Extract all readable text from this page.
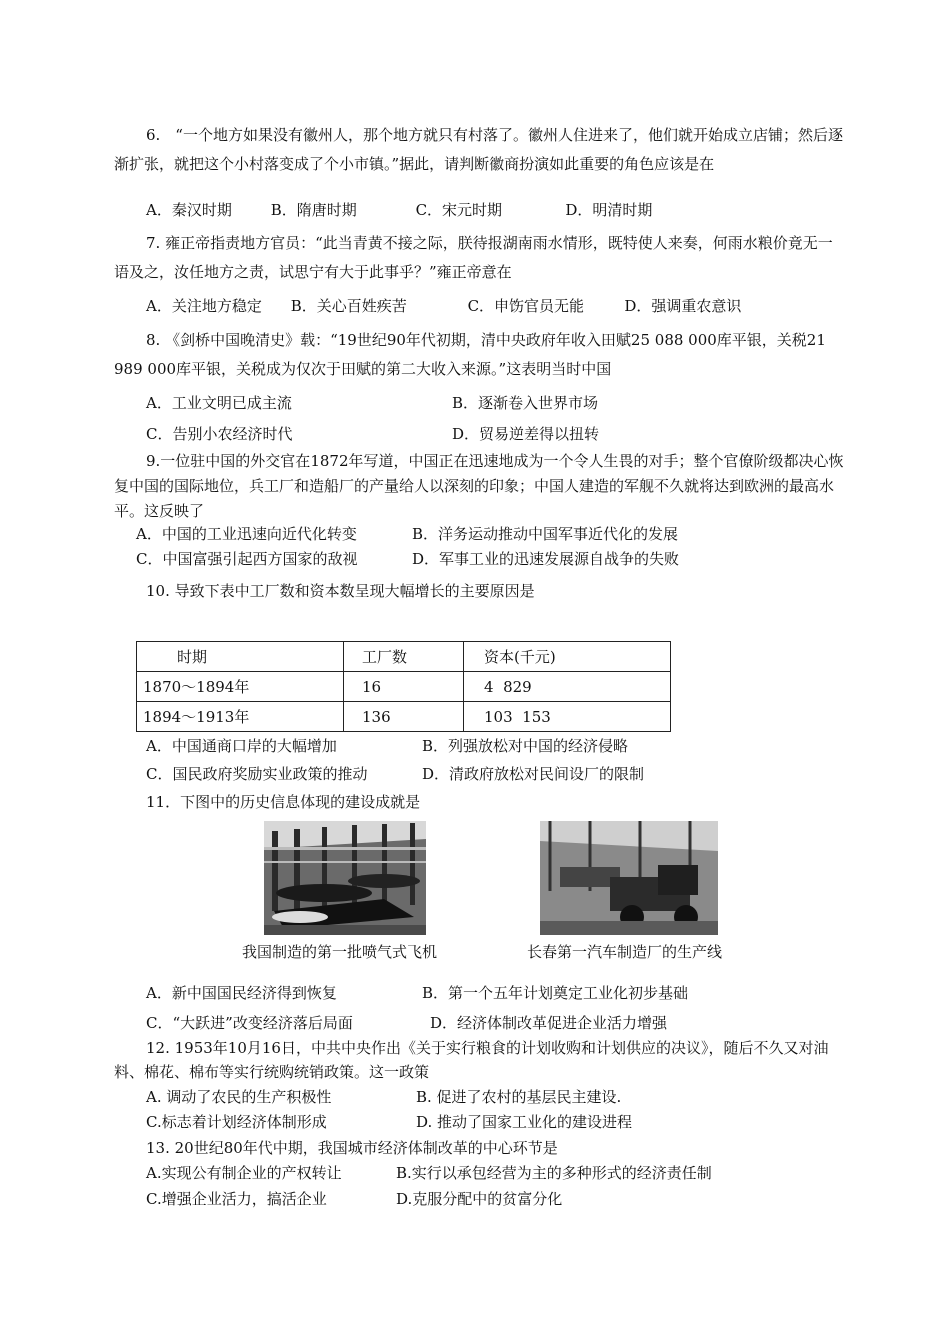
6.　“一个地方如果没有徽州人，那个地方就只有村落了。徽州人住进来了，他们就开始成立店铺；然后逐渐扩张，就把这个小村落变成了个小市镇。”据此，请判断徽商扮演如此重要的角色应该是在

A．秦汉时期	B．隋唐时期	C．宋元时期	D．明清时期

7. 雍正帝指责地方官员：“此当青黄不接之际，朕待报湖南雨水情形，既特使人来奏，何雨水粮价竟无一语及之，汝任地方之责，试思宁有大于此事乎？”雍正帝意在

A．关注地方稳定 B．关心百姓疾苦	C．申饬官员无能	D．强调重农意识

8. 《剑桥中国晚清史》载：“19世纪90年代初期，清中央政府年收入田赋25 088 000库平银，关税21 989 000库平银，关税成为仅次于田赋的第二大收入来源。”这表明当时中国

A．工业文明已成主流	B．逐渐卷入世界市场
C．告别小农经济时代	D．贸易逆差得以扭转

9.一位驻中国的外交官在1872年写道，中国正在迅速地成为一个令人生畏的对手；整个官僚阶级都决心恢复中国的国际地位，兵工厂和造船厂的产量给人以深刻的印象；中国人建造的军舰不久就将达到欧洲的最高水平。这反映了

A．中国的工业迅速向近代化转变	B．洋务运动推动中国军事近代化的发展
C．中国富强引起西方国家的敌视	D．军事工业的迅速发展源自战争的失败
10. 导致下表中工厂数和资本数呈现大幅增长的主要原因是
时期	工厂数	资本(千元)
1870～1894年	16	4  829
1894～1913年	136	103  153
A．中国通商口岸的大幅增加	B．列强放松对中国的经济侵略
C．国民政府奖励实业政策的推动	D．清政府放松对民间设厂的限制
11．下图中的历史信息体现的建设成就是
我国制造的第一批喷气式飞机	长春第一汽车制造厂的生产线
A．新中国国民经济得到恢复	B．第一个五年计划奠定工业化初步基础
C．“大跃进”改变经济落后局面	D．经济体制改革促进企业活力增强

12. 1953年10月16日，中共中央作出《关于实行粮食的计划收购和计划供应的决议》，随后不久又对油料、棉花、棉布等实行统购统销政策。这一政策

A. 调动了农民的生产积极性	B. 促进了农村的基层民主建设.
C.标志着计划经济体制形成	D. 推动了国家工业化的建设进程
13. 20世纪80年代中期，我国城市经济体制改革的中心环节是
A.实现公有制企业的产权转让	B.实行以承包经营为主的多种形式的经济责任制
C.增强企业活力，搞活企业	D.克服分配中的贫富分化
